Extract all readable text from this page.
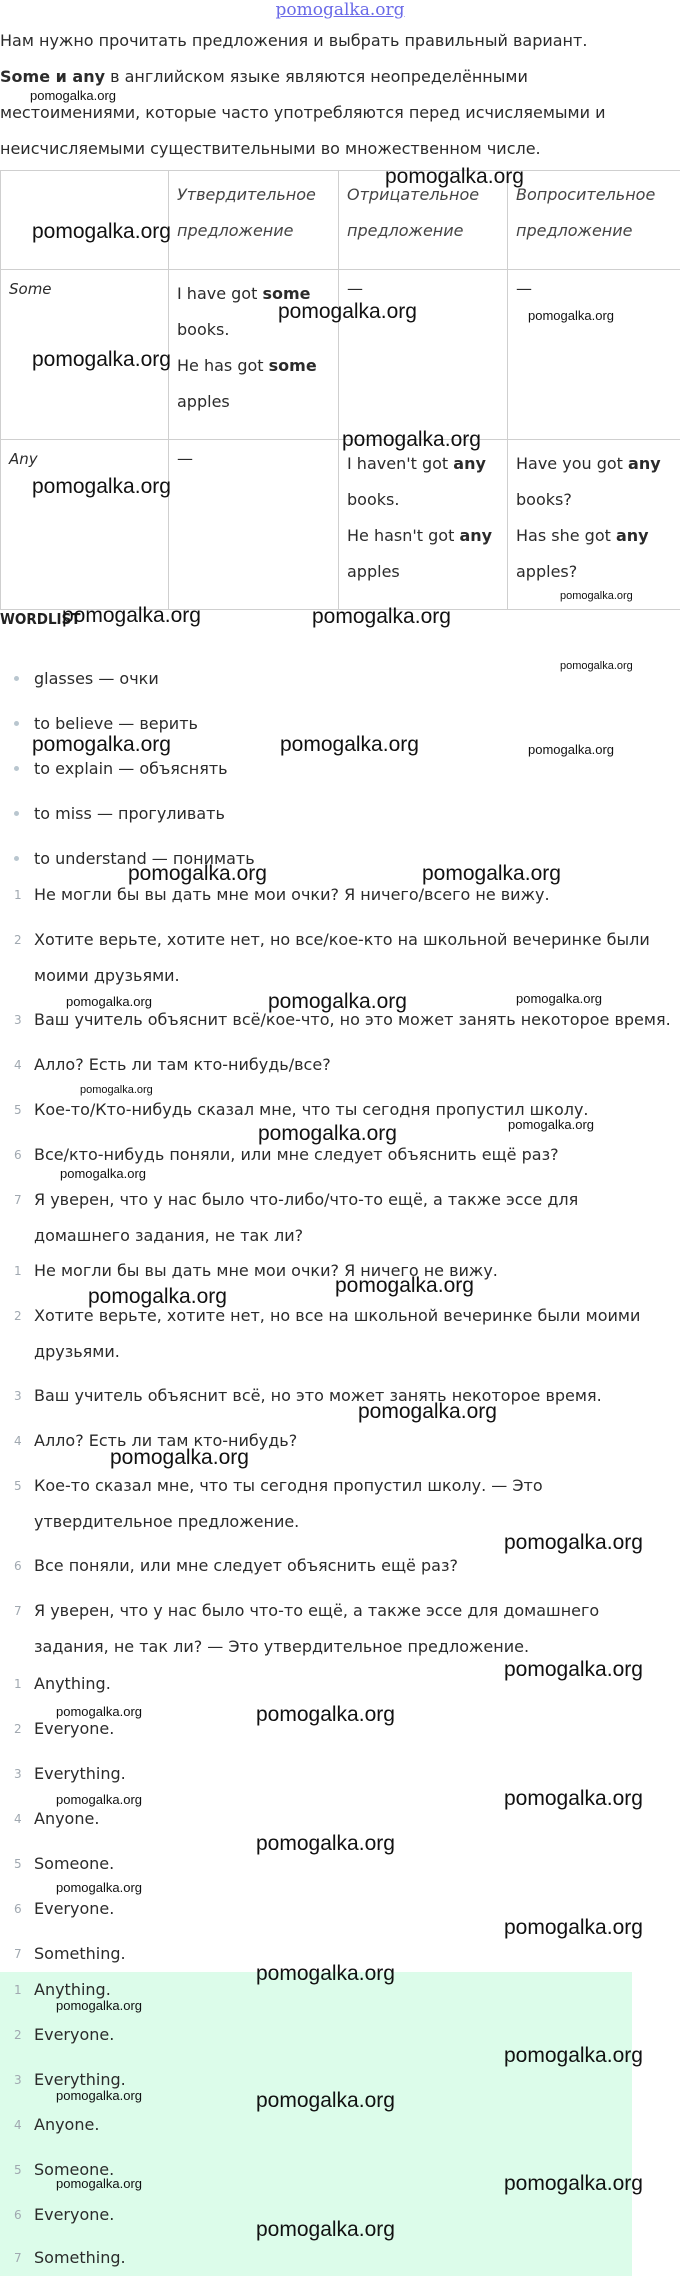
pomogalka.org

Нам нужно прочитать предложения и выбрать правильный вариант.

Some и any в английском языке являются неопределёнными местоимениями, которые часто употребляются перед исчисляемыми и неисчисляемыми существительными во множественном числе.

	Утвердительное предложение	Отрицательное предложение	Вопросительное предложение
Some	I have got some books.
He has got some apples	—	—
Any	—	I haven't got any books.
He hasn't got any apples	Have you got any books?
Has she got any apples?
WORDLIST
glasses — очки
to believe — верить
to explain — объяснять
to miss — прогуливать
to understand — понимать
1 Не могли бы вы дать мне мои очки? Я ничего/всего не вижу.
2 Хотите верьте, хотите нет, но все/кое-кто на школьной вечеринке были моими друзьями.
3 Ваш учитель объяснит всё/кое-что, но это может занять некоторое время.
4 Алло? Есть ли там кто-нибудь/все?
5 Кое-то/Кто-нибудь сказал мне, что ты сегодня пропустил школу.
6 Все/кто-нибудь поняли, или мне следует объяснить ещё раз?
7 Я уверен, что у нас было что-либо/что-то ещё, а также эссе для домашнего задания, не так ли?
1 Не могли бы вы дать мне мои очки? Я ничего не вижу.
2 Хотите верьте, хотите нет, но все на школьной вечеринке были моими друзьями.
3 Ваш учитель объяснит всё, но это может занять некоторое время.
4 Алло? Есть ли там кто-нибудь?
5 Кое-то сказал мне, что ты сегодня пропустил школу. — Это утвердительное предложение.
6 Все поняли, или мне следует объяснить ещё раз?
7 Я уверен, что у нас было что-то ещё, а также эссе для домашнего задания, не так ли? — Это утвердительное предложение.
1 Anything.
2 Everyone.
3 Everything.
4 Anyone.
5 Someone.
6 Everyone.
7 Something.
1 Anything.
2 Everyone.
3 Everything.
4 Anyone.
5 Someone.
6 Everyone.
7 Something.
pomogalka.org
pomogalka.org
pomogalka.org
pomogalka.org	pomogalka.org
pomogalka.org
pomogalka.org
pomogalka.org
pomogalka.org
pomogalka.org	pomogalka.org
pomogalka.org
pomogalka.org	pomogalka.org	pomogalka.org
pomogalka.org	pomogalka.org
pomogalka.org	pomogalka.org	pomogalka.org
pomogalka.org
pomogalka.org	pomogalka.org
pomogalka.org
pomogalka.org	pomogalka.org
pomogalka.org
pomogalka.org
pomogalka.org
pomogalka.org
pomogalka.org	pomogalka.org
pomogalka.org	pomogalka.org
pomogalka.org
pomogalka.org
pomogalka.org
pomogalka.org
pomogalka.org
pomogalka.org
pomogalka.org	pomogalka.org
pomogalka.org	pomogalka.org
pomogalka.org
